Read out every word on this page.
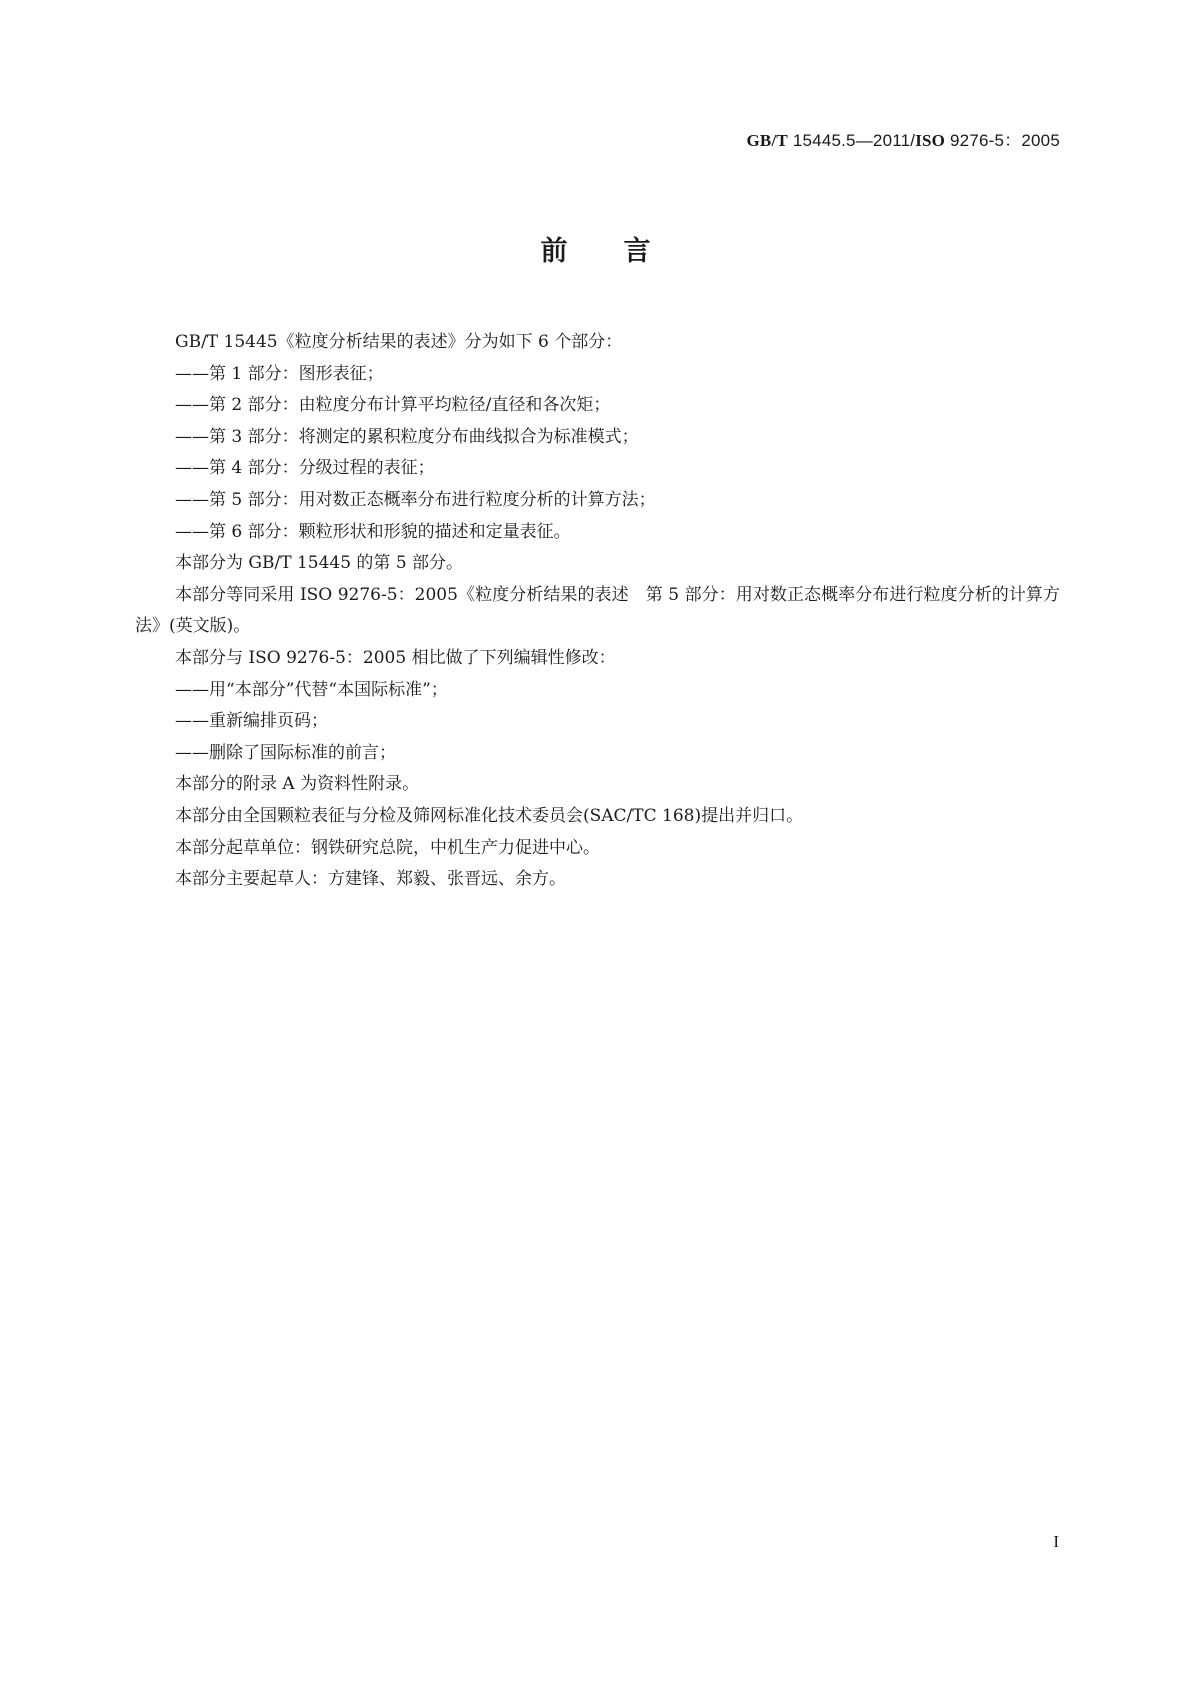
GB/T 15445.5—2011/ISO 9276-5：2005
前 言

GB/T 15445《粒度分析结果的表述》分为如下 6 个部分：

——第 1 部分：图形表征；

——第 2 部分：由粒度分布计算平均粒径/直径和各次矩；

——第 3 部分：将测定的累积粒度分布曲线拟合为标准模式；

——第 4 部分：分级过程的表征；

——第 5 部分：用对数正态概率分布进行粒度分析的计算方法；

——第 6 部分：颗粒形状和形貌的描述和定量表征。

本部分为 GB/T 15445 的第 5 部分。

本部分等同采用 ISO 9276-5：2005《粒度分析结果的表述　第 5 部分：用对数正态概率分布进行粒度分析的计算方法》(英文版)。

本部分与 ISO 9276-5：2005 相比做了下列编辑性修改：

——用“本部分”代替“本国际标准”；

——重新编排页码；

——删除了国际标准的前言；

本部分的附录 A 为资料性附录。

本部分由全国颗粒表征与分检及筛网标准化技术委员会(SAC/TC 168)提出并归口。

本部分起草单位：钢铁研究总院，中机生产力促进中心。

本部分主要起草人：方建锋、郑毅、张晋远、余方。

I
